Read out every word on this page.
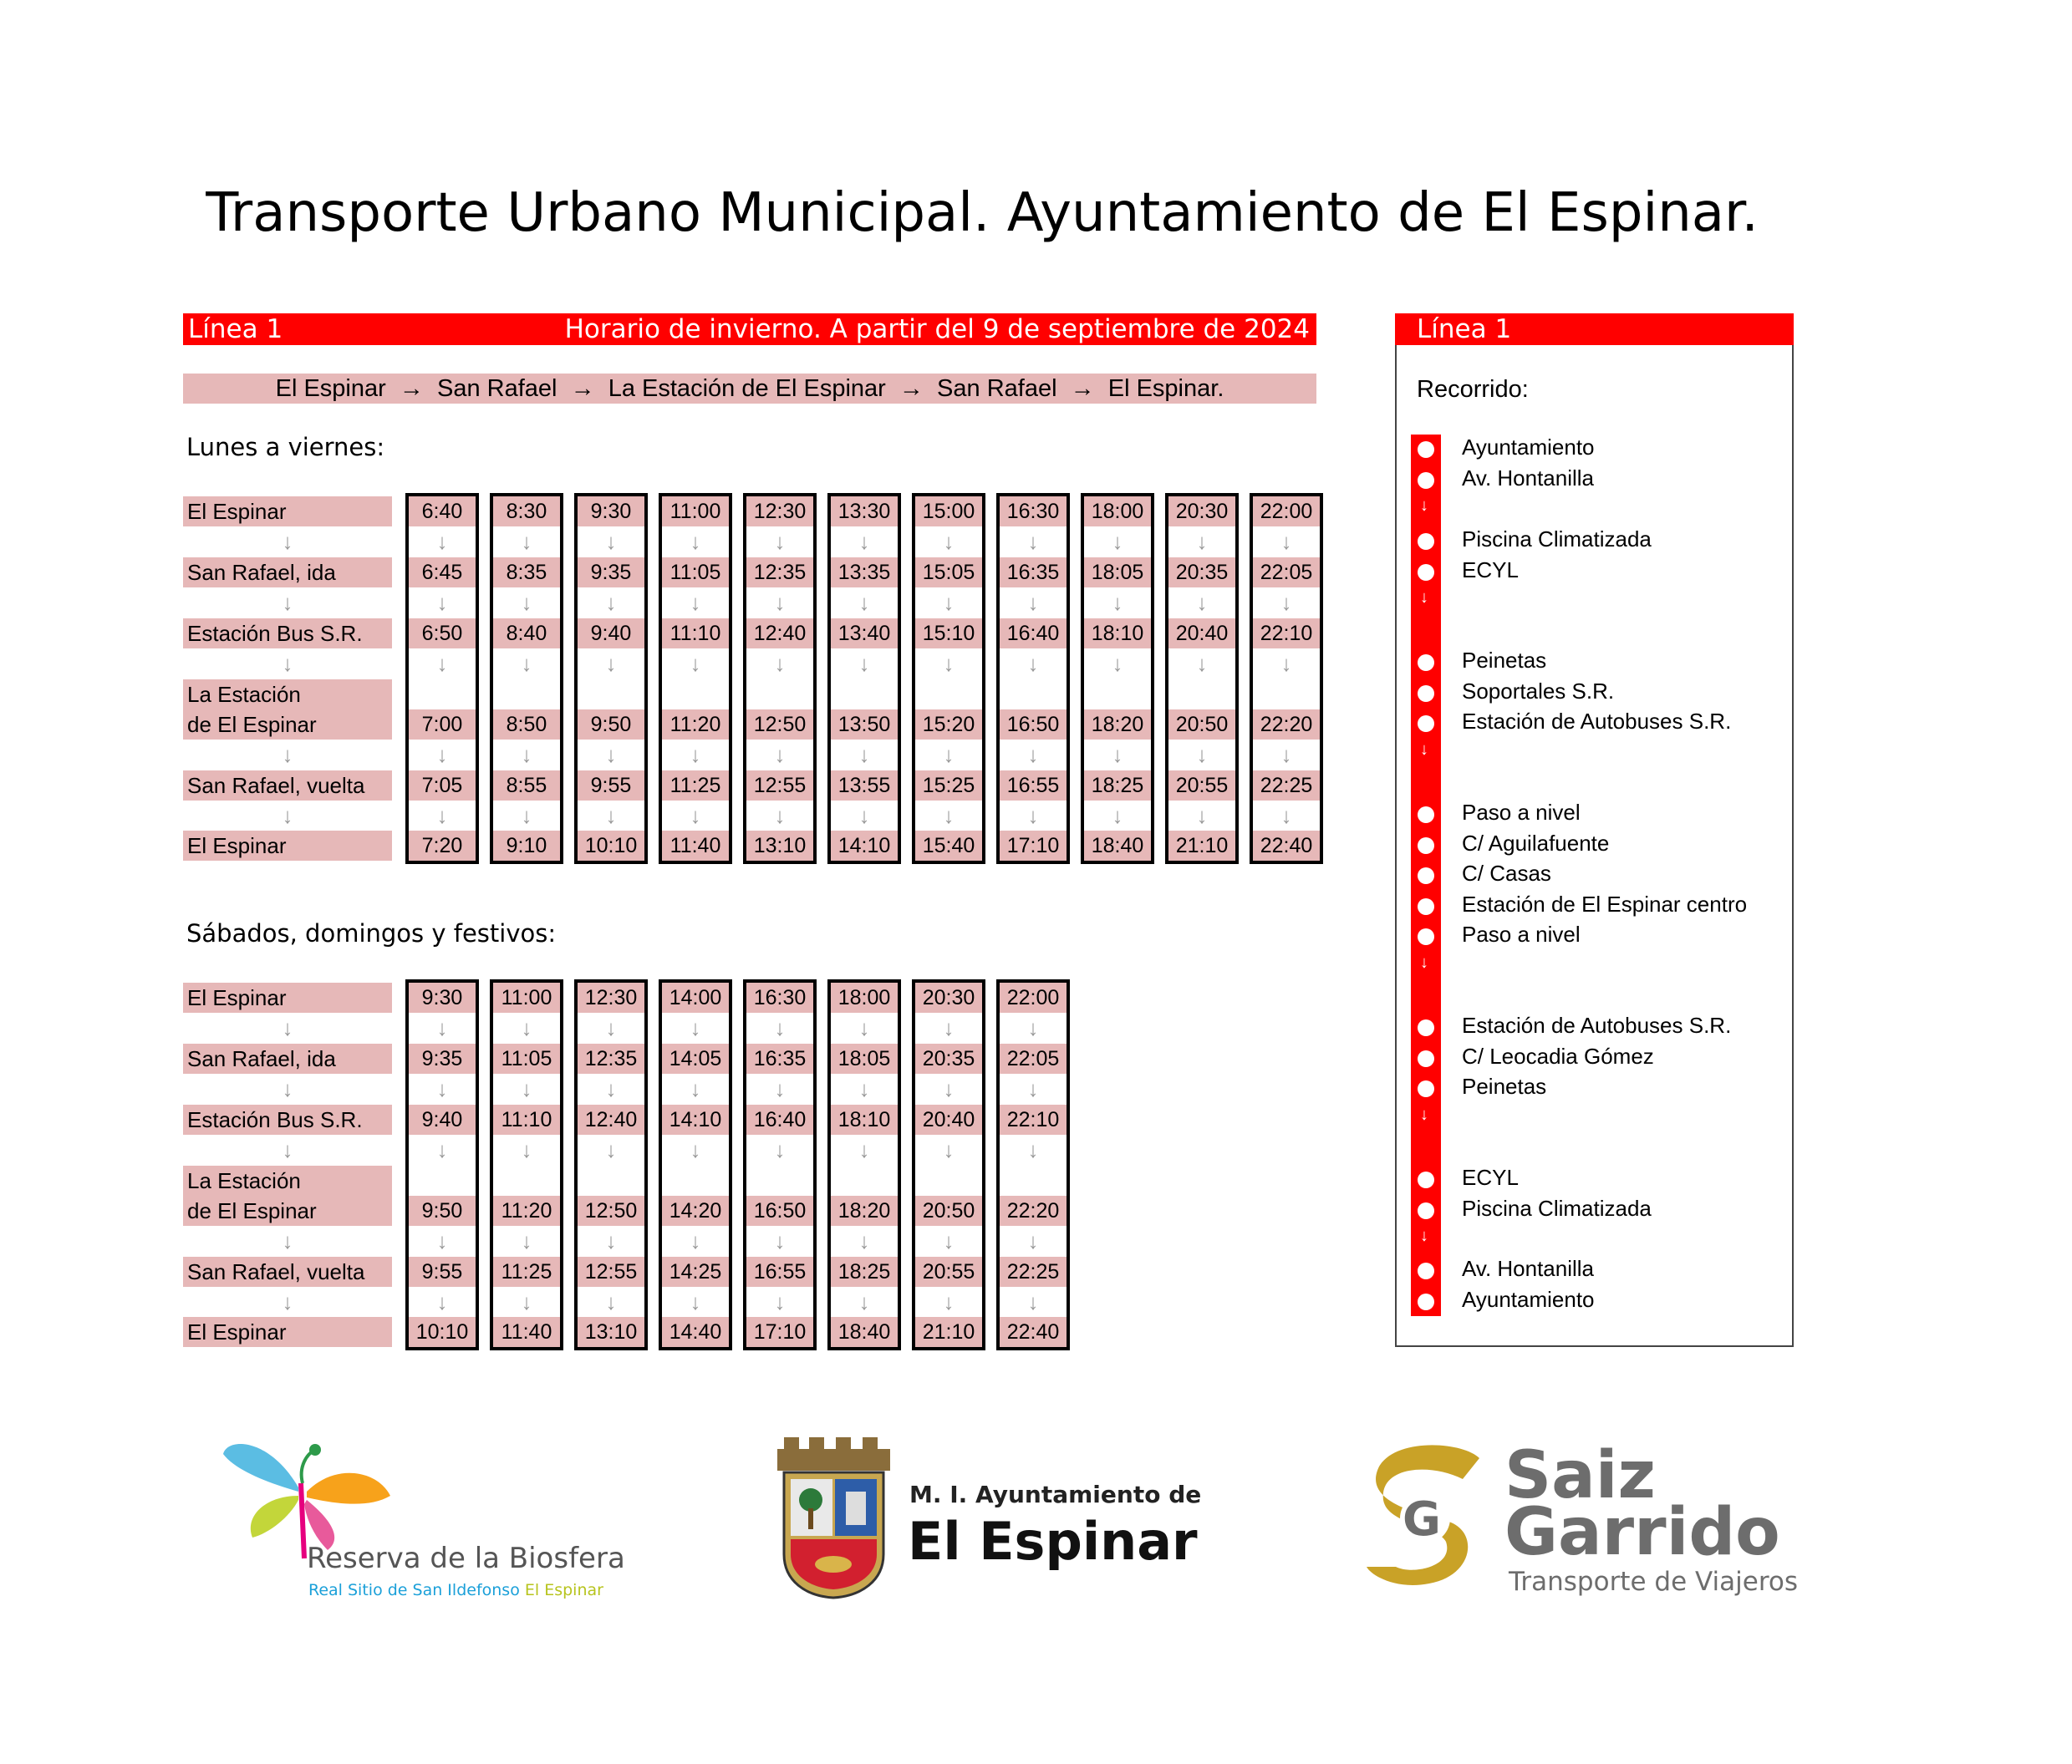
Transporte Urbano Municipal. Ayuntamiento de El Espinar.
Línea 1	Horario de invierno. A partir del 9 de septiembre de 2024
El Espinar  →  San Rafael  →  La Estación de El Espinar  →  San Rafael  →  El Espinar.
Lunes a viernes:
Sábados, domingos y festivos:
El Espinar
San Rafael, ida
Estación Bus S.R.
La Estación
de El Espinar
San Rafael, vuelta
El Espinar
↓
↓
↓
↓
↓
6:40
6:45
6:50
7:00
7:05
7:20
↓
↓
↓
↓
↓
8:30
8:35
8:40
8:50
8:55
9:10
↓
↓
↓
↓
↓
9:30
9:35
9:40
9:50
9:55
10:10
↓
↓
↓
↓
↓
11:00
11:05
11:10
11:20
11:25
11:40
↓
↓
↓
↓
↓
12:30
12:35
12:40
12:50
12:55
13:10
↓
↓
↓
↓
↓
13:30
13:35
13:40
13:50
13:55
14:10
↓
↓
↓
↓
↓
15:00
15:05
15:10
15:20
15:25
15:40
↓
↓
↓
↓
↓
16:30
16:35
16:40
16:50
16:55
17:10
↓
↓
↓
↓
↓
18:00
18:05
18:10
18:20
18:25
18:40
↓
↓
↓
↓
↓
20:30
20:35
20:40
20:50
20:55
21:10
↓
↓
↓
↓
↓
22:00
22:05
22:10
22:20
22:25
22:40
↓
↓
↓
↓
↓
El Espinar
San Rafael, ida
Estación Bus S.R.
La Estación
de El Espinar
San Rafael, vuelta
El Espinar
↓
↓
↓
↓
↓
9:30
9:35
9:40
9:50
9:55
10:10
↓
↓
↓
↓
↓
11:00
11:05
11:10
11:20
11:25
11:40
↓
↓
↓
↓
↓
12:30
12:35
12:40
12:50
12:55
13:10
↓
↓
↓
↓
↓
14:00
14:05
14:10
14:20
14:25
14:40
↓
↓
↓
↓
↓
16:30
16:35
16:40
16:50
16:55
17:10
↓
↓
↓
↓
↓
18:00
18:05
18:10
18:20
18:25
18:40
↓
↓
↓
↓
↓
20:30
20:35
20:40
20:50
20:55
21:10
↓
↓
↓
↓
↓
22:00
22:05
22:10
22:20
22:25
22:40
↓
↓
↓
↓
↓
Línea 1
Recorrido:
Ayuntamiento
Av. Hontanilla
↓
Piscina Climatizada
ECYL
↓
Peinetas
Soportales S.R.
Estación de Autobuses S.R.
↓
Paso a nivel
C/ Aguilafuente
C/ Casas
Estación de El Espinar centro
Paso a nivel
↓
Estación de Autobuses S.R.
C/ Leocadia Gómez
Peinetas
↓
ECYL
Piscina Climatizada
↓
Av. Hontanilla
Ayuntamiento
Reserva de la Biosfera
Real Sitio de San Ildefonso El Espinar
M. I. Ayuntamiento de
El Espinar	G
Saiz
Garrido
Transporte de Viajeros
